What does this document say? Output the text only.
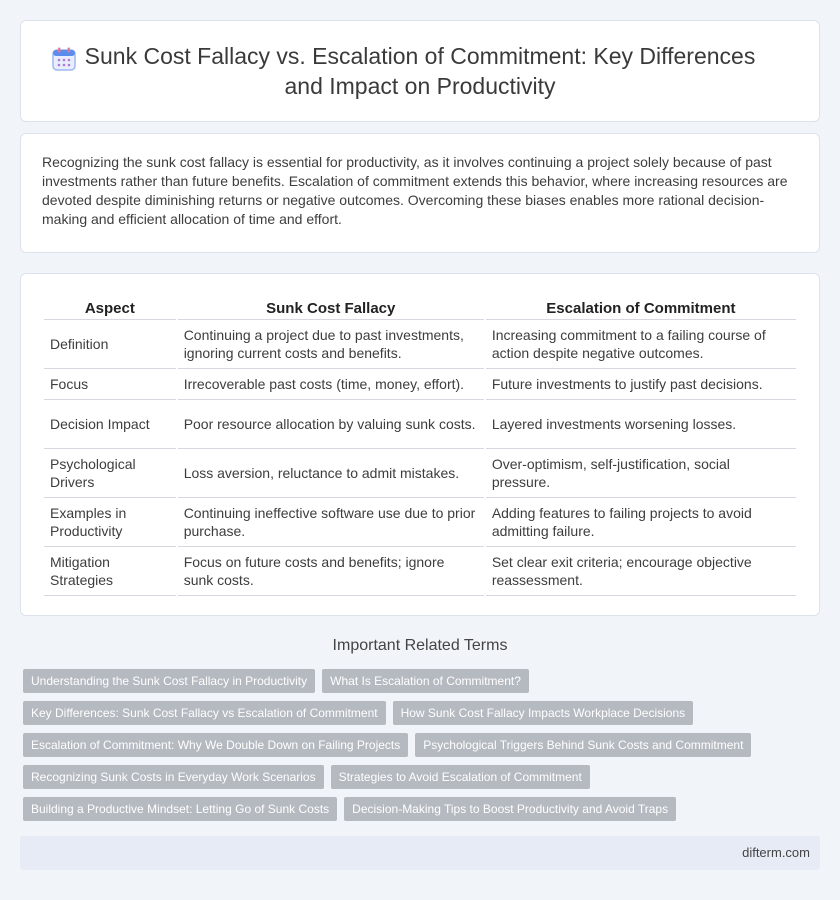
Sunk Cost Fallacy vs. Escalation of Commitment: Key Differences and Impact on Productivity

Recognizing the sunk cost fallacy is essential for productivity, as it involves continuing a project solely because of past investments rather than future benefits. Escalation of commitment extends this behavior, where increasing resources are devoted despite diminishing returns or negative outcomes. Overcoming these biases enables more rational decision-making and efficient allocation of time and effort.

Aspect	Sunk Cost Fallacy	Escalation of Commitment
Definition	Continuing a project due to past investments, ignoring current costs and benefits.	Increasing commitment to a failing course of action despite negative outcomes.
Focus	Irrecoverable past costs (time, money, effort).	Future investments to justify past decisions.
Decision Impact	Poor resource allocation by valuing sunk costs.	Layered investments worsening losses.
Psychological Drivers	Loss aversion, reluctance to admit mistakes.	Over-optimism, self-justification, social pressure.
Examples in Productivity	Continuing ineffective software use due to prior purchase.	Adding features to failing projects to avoid admitting failure.
Mitigation Strategies	Focus on future costs and benefits; ignore sunk costs.	Set clear exit criteria; encourage objective reassessment.
Important Related Terms
Understanding the Sunk Cost Fallacy in Productivity	What Is Escalation of Commitment?
Key Differences: Sunk Cost Fallacy vs Escalation of Commitment	How Sunk Cost Fallacy Impacts Workplace Decisions
Escalation of Commitment: Why We Double Down on Failing Projects	Psychological Triggers Behind Sunk Costs and Commitment
Recognizing Sunk Costs in Everyday Work Scenarios	Strategies to Avoid Escalation of Commitment
Building a Productive Mindset: Letting Go of Sunk Costs	Decision-Making Tips to Boost Productivity and Avoid Traps
difterm.com
